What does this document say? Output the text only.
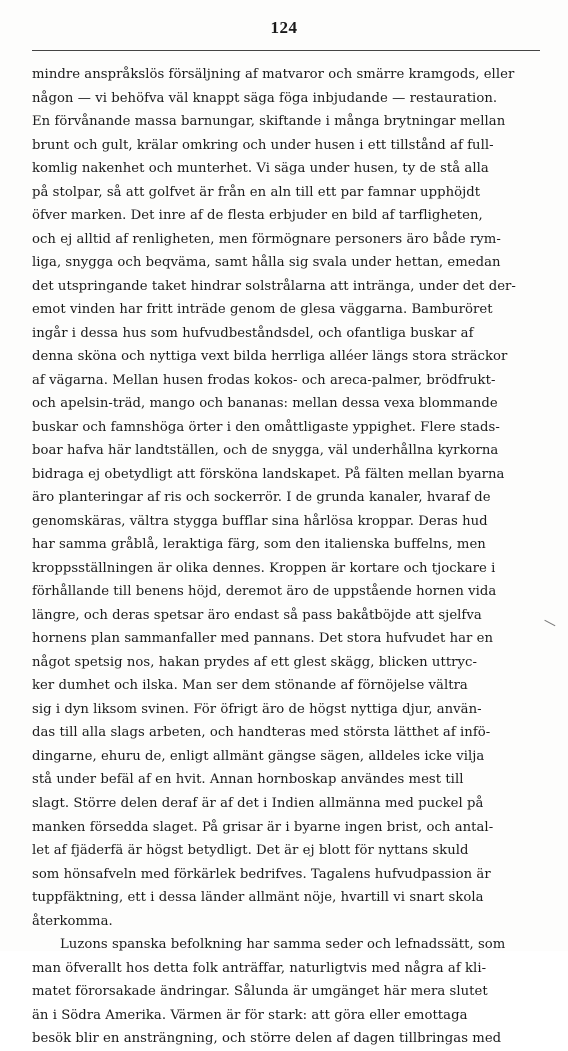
124
mindre anspråkslös försäljning af matvaror och smärre kramgods, eller
någon — vi behöfva väl knappt säga föga inbjudande — restauration.
En förvånande massa barnungar, skiftande i många brytningar mellan
brunt och gult, krälar omkring och under husen i ett tillstånd af full-
komlig nakenhet och munterhet. Vi säga under husen, ty de stå alla
på stolpar, så att golfvet är från en aln till ett par famnar upphöjdt
öfver marken. Det inre af de flesta erbjuder en bild af tarfligheten,
och ej alltid af renligheten, men förmögnare personers äro både rym-
liga, snygga och beqväma, samt hålla sig svala under hettan, emedan
det utspringande taket hindrar solstrålarna att intränga, under det der-
emot vinden har fritt inträde genom de glesa väggarna. Bamburöret
ingår i dessa hus som hufvudbeståndsdel, och ofantliga buskar af
denna sköna och nyttiga vext bilda herrliga alléer längs stora sträckor
af vägarna. Mellan husen frodas kokos- och areca-palmer, brödfrukt-
och apelsin-träd, mango och bananas: mellan dessa vexa blommande
buskar och famnshöga örter i den omåttligaste yppighet. Flere stads-
boar hafva här landtställen, och de snygga, väl underhållna kyrkorna
bidraga ej obetydligt att försköna landskapet. På fälten mellan byarna
äro planteringar af ris och sockerrör. I de grunda kanaler, hvaraf de
genomskäras, vältra stygga bufflar sina hårlösa kroppar. Deras hud
har samma gråblå, leraktiga färg, som den italienska buffelns, men
kroppsställningen är olika dennes. Kroppen är kortare och tjockare i
förhållande till benens höjd, deremot äro de uppstående hornen vida
längre, och deras spetsar äro endast så pass bakåtböjde att sjelfva
hornens plan sammanfaller med pannans. Det stora hufvudet har en
något spetsig nos, hakan prydes af ett glest skägg, blicken uttryc-
ker dumhet och ilska. Man ser dem stönande af förnöjelse vältra
sig i dyn liksom svinen. För öfrigt äro de högst nyttiga djur, använ-
das till alla slags arbeten, och handteras med största lätthet af infö-
dingarne, ehuru de, enligt allmänt gängse sägen, alldeles icke vilja
stå under befäl af en hvit. Annan hornboskap användes mest till
slagt. Större delen deraf är af det i Indien allmänna med puckel på
manken försedda slaget. På grisar är i byarne ingen brist, och antal-
let af fjäderfä är högst betydligt. Det är ej blott för nyttans skuld
som hönsafveln med förkärlek bedrifves. Tagalens hufvudpassion är
tuppfäktning, ett i dessa länder allmänt nöje, hvartill vi snart skola
återkomma.
Luzons spanska befolkning har samma seder och lefnadssätt, som
man öfverallt hos detta folk anträffar, naturligtvis med några af kli-
matet förorsakade ändringar. Sålunda är umgänget här mera slutet
än i Södra Amerika. Värmen är för stark: att göra eller emottaga
besök blir en ansträngning, och större delen af dagen tillbringas med
